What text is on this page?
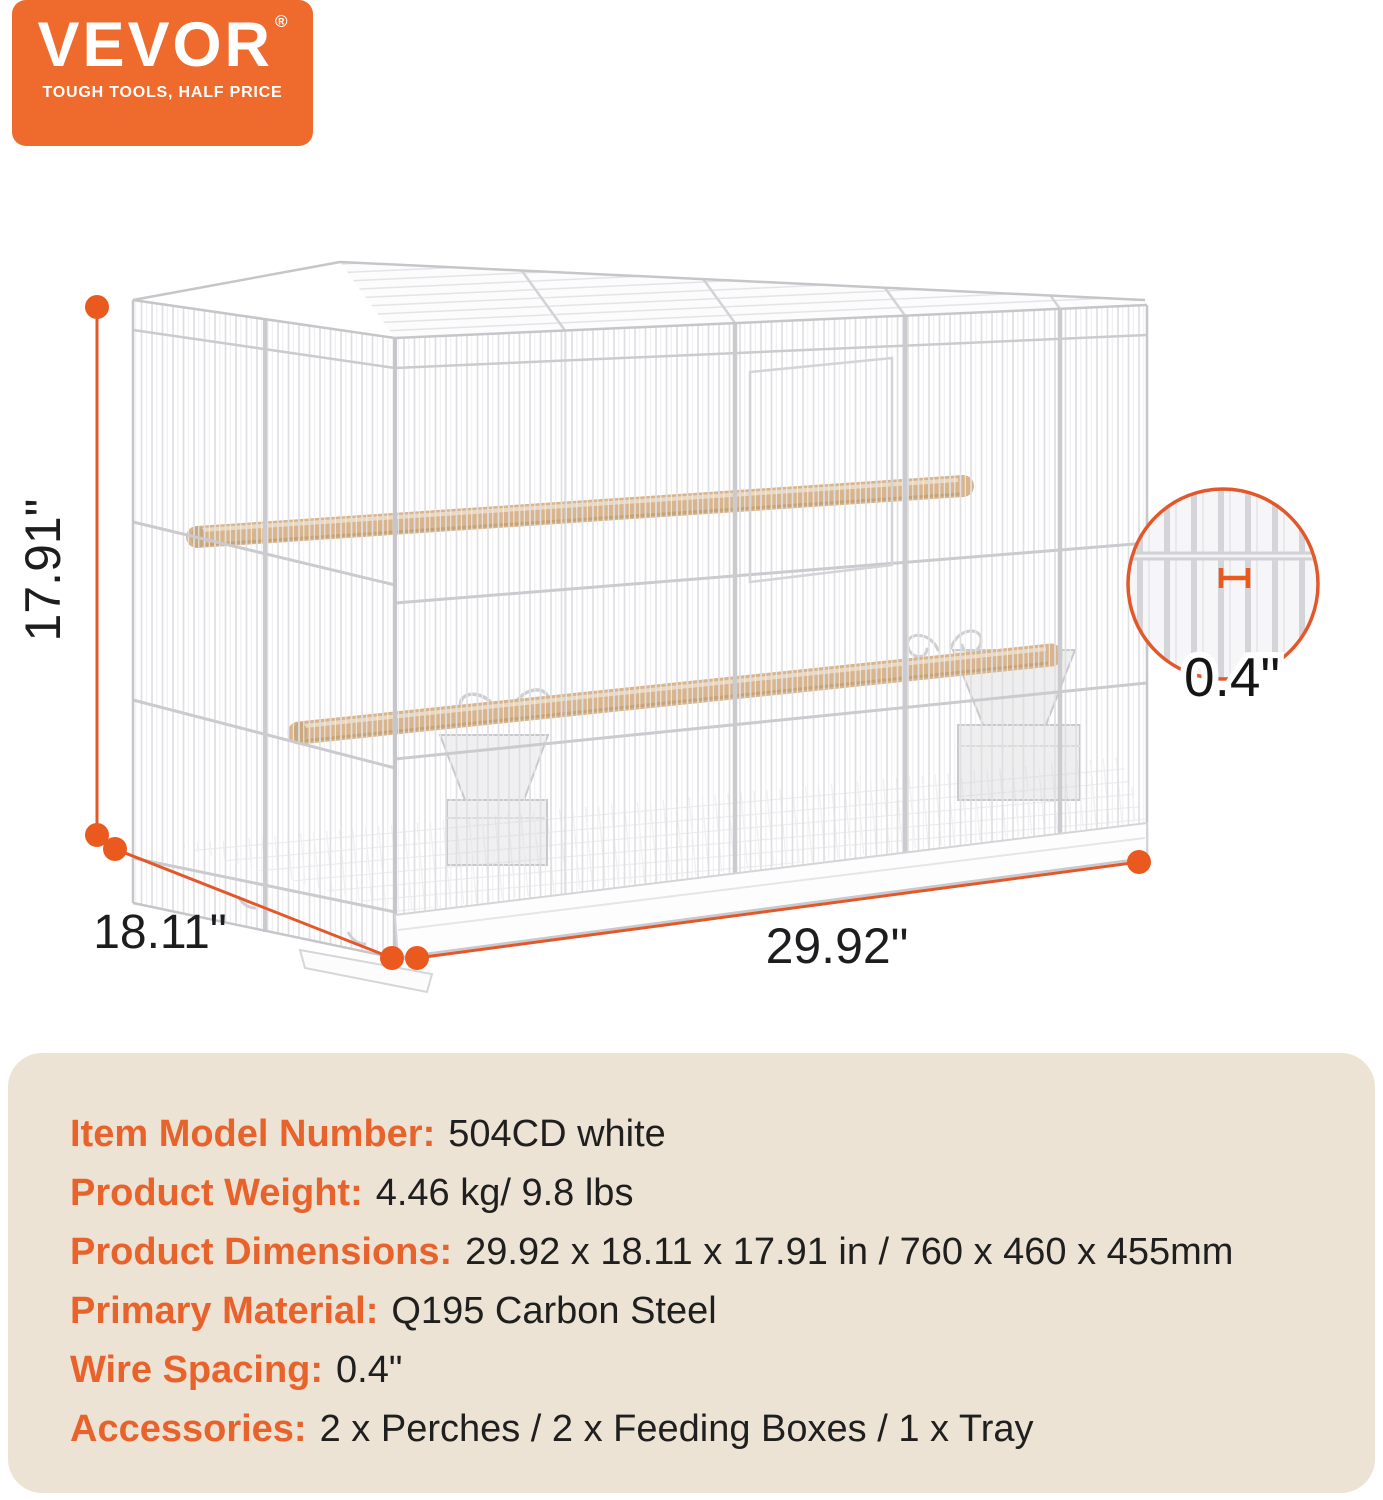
VEVOR ®
TOUGH TOOLS, HALF PRICE
17.91"
18.11"	29.92"
0.4"
Item Model Number: 504CD white
Product Weight: 4.46 kg/ 9.8 lbs
Product Dimensions: 29.92 x 18.11 x 17.91 in / 760 x 460 x 455mm
Primary Material: Q195 Carbon Steel
Wire Spacing: 0.4"
Accessories: 2 x Perches / 2 x Feeding Boxes / 1 x Tray
